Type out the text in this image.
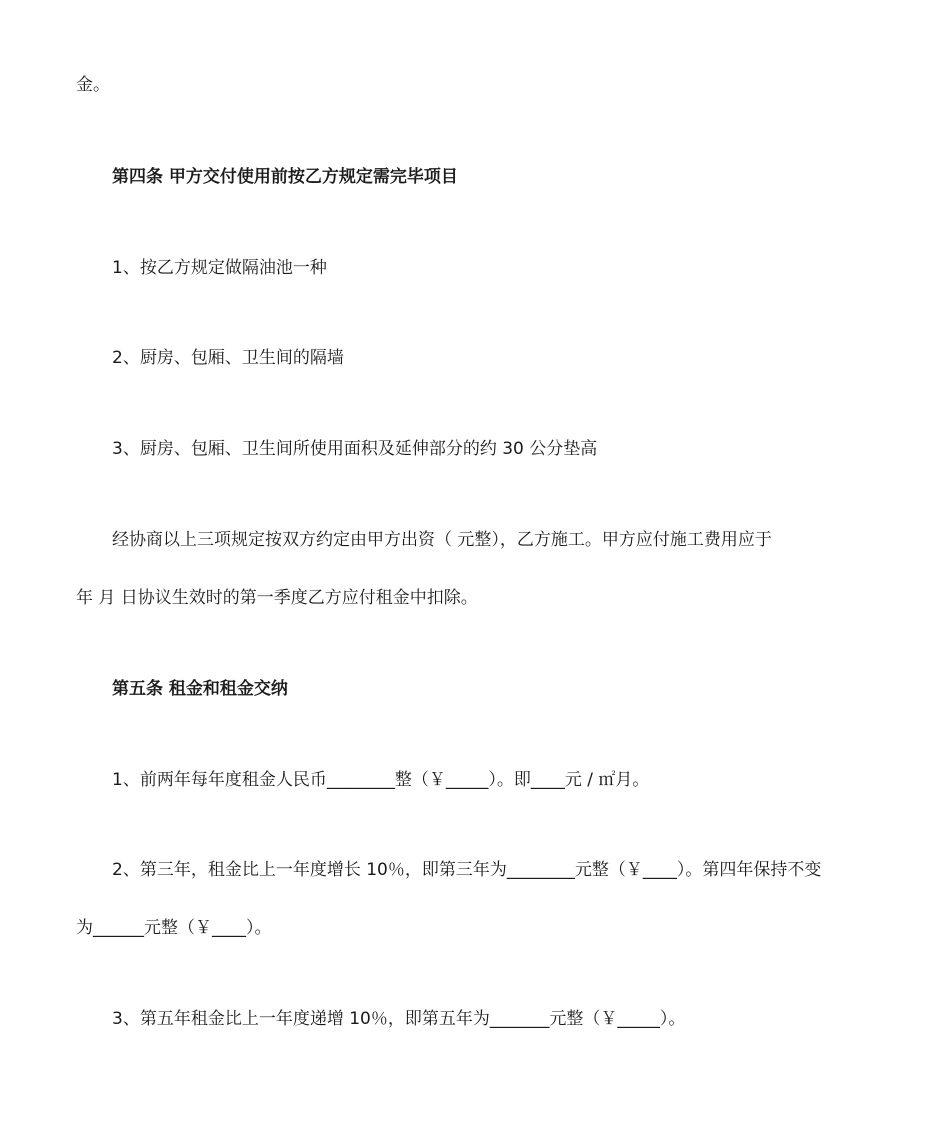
金。
第四条 甲方交付使用前按乙方规定需完毕项目
1、按乙方规定做隔油池一种
2、厨房、包厢、卫生间的隔墙
3、厨房、包厢、卫生间所使用面积及延伸部分的约 30 公分垫高
经协商以上三项规定按双方约定由甲方出资（ 元整），乙方施工。甲方应付施工费用应于
年 月 日协议生效时的第一季度乙方应付租金中扣除。
第五条 租金和租金交纳
1、前两年每年度租金人民币________整（￥_____）。即____元 / ㎡月。
2、第三年，租金比上一年度增长 10％，即第三年为________元整（￥____）。第四年保持不变
为______元整（￥____）。
3、第五年租金比上一年度递增 10％，即第五年为_______元整（￥_____）。
